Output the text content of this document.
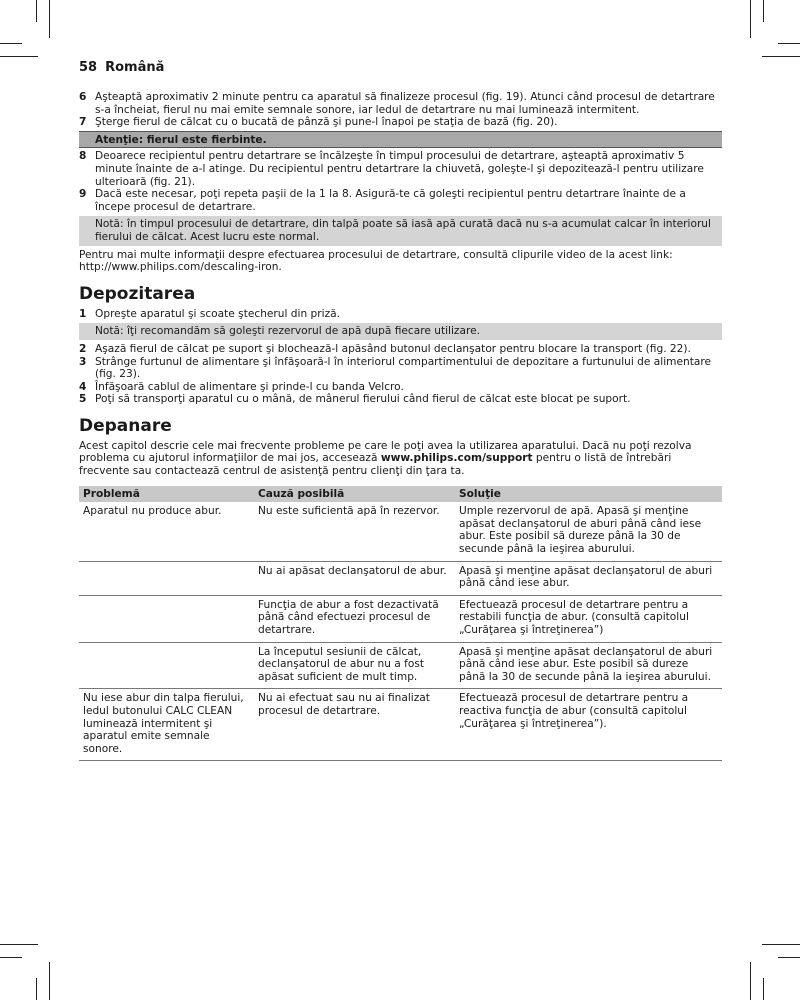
58 Română
6 Aşteaptă aproximativ 2 minute pentru ca aparatul să finalizeze procesul (fig. 19). Atunci când procesul de detartrare s-a încheiat, fierul nu mai emite semnale sonore, iar ledul de detartrare nu mai luminează intermitent.
7 Şterge fierul de călcat cu o bucată de pânză şi pune-l înapoi pe staţia de bază (fig. 20).
Atenţie: fierul este fierbinte.
8 Deoarece recipientul pentru detartrare se încălzeşte în timpul procesului de detartrare, aşteaptă aproximativ 5 minute înainte de a-l atinge. Du recipientul pentru detartrare la chiuvetă, goleşte-l şi depozitează-l pentru utilizare ulterioară (fig. 21).
9 Dacă este necesar, poţi repeta paşii de la 1 la 8. Asigură-te că goleşti recipientul pentru detartrare înainte de a începe procesul de detartrare.
Notă: în timpul procesului de detartrare, din talpă poate să iasă apă curată dacă nu s-a acumulat calcar în interiorul fierului de călcat. Acest lucru este normal.
Pentru mai multe informaţii despre efectuarea procesului de detartrare, consultă clipurile video de la acest link: http://www.philips.com/descaling-iron.
Depozitarea
1 Opreşte aparatul şi scoate ştecherul din priză.
Notă: îţi recomandăm să goleşti rezervorul de apă după fiecare utilizare.
2 Aşază fierul de călcat pe suport şi blochează-l apăsând butonul declanşator pentru blocare la transport (fig. 22).
3 Strânge furtunul de alimentare şi înfăşoară-l în interiorul compartimentului de depozitare a furtunului de alimentare (fig. 23).
4 Înfăşoară cablul de alimentare şi prinde-l cu banda Velcro.
5 Poţi să transporţi aparatul cu o mână, de mânerul fierului când fierul de călcat este blocat pe suport.
Depanare
Acest capitol descrie cele mai frecvente probleme pe care le poţi avea la utilizarea aparatului. Dacă nu poţi rezolva problema cu ajutorul informaţiilor de mai jos, accesează www.philips.com/support pentru o listă de întrebări frecvente sau contactează centrul de asistenţă pentru clienţi din ţara ta.
Problemă	Cauză posibilă	Soluţie
Aparatul nu produce abur.	Nu este suficientă apă în rezervor.	Umple rezervorul de apă. Apasă şi menţine apăsat declanşatorul de aburi până când iese abur. Este posibil să dureze până la 30 de secunde până la ieşirea aburului.
	Nu ai apăsat declanşatorul de abur.	Apasă şi menţine apăsat declanşatorul de aburi până când iese abur.
	Funcţia de abur a fost dezactivată până când efectuezi procesul de detartrare.	Efectuează procesul de detartrare pentru a restabili funcţia de abur. (consultă capitolul „Curăţarea şi întreţinerea”)
	La începutul sesiunii de călcat, declanşatorul de abur nu a fost apăsat suficient de mult timp.	Apasă şi menţine apăsat declanşatorul de aburi până când iese abur. Este posibil să dureze până la 30 de secunde până la ieşirea aburului.
Nu iese abur din talpa fierului, ledul butonului CALC CLEAN luminează intermitent şi aparatul emite semnale sonore.	Nu ai efectuat sau nu ai finalizat procesul de detartrare.	Efectuează procesul de detartrare pentru a reactiva funcţia de abur (consultă capitolul „Curăţarea şi întreţinerea”).
